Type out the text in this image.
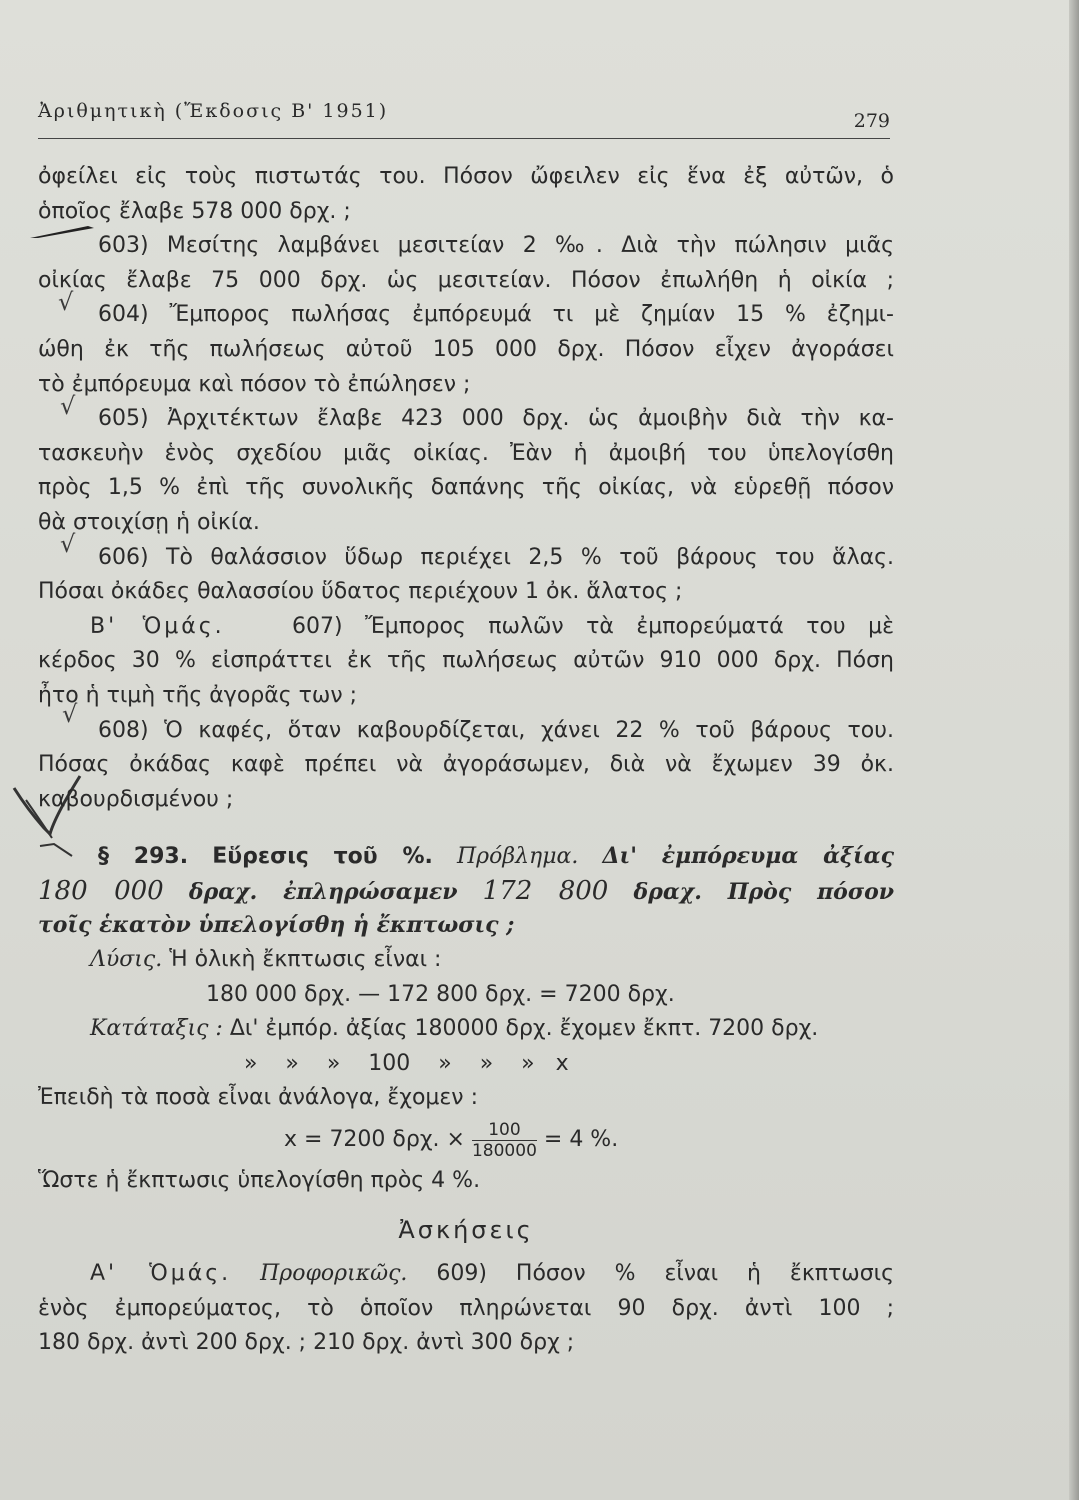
Ἀριθμητικὴ (Ἔκδοσις Β' 1951)	279
√
√
√
√
ὀφείλει εἰς τοὺς πιστωτάς του. Πόσον ὤφειλεν εἰς ἕνα ἐξ αὐτῶν, ὁ
ὁποῖος ἔλαβε 578 000 δρχ. ;
603) Μεσίτης λαμβάνει μεσιτείαν 2 ‰. Διὰ τὴν πώλησιν μιᾶς
οἰκίας ἔλαβε 75 000 δρχ. ὡς μεσιτείαν. Πόσον ἐπωλήθη ἡ οἰκία ;
604) Ἔμπορος πωλήσας ἐμπόρευμά τι μὲ ζημίαν 15 % ἐζημι-
ώθη ἐκ τῆς πωλήσεως αὐτοῦ 105 000 δρχ. Πόσον εἶχεν ἀγοράσει
τὸ ἐμπόρευμα καὶ πόσον τὸ ἐπώλησεν ;
605) Ἀρχιτέκτων ἔλαβε 423 000 δρχ. ὡς ἀμοιβὴν διὰ τὴν κα-
τασκευὴν ἑνὸς σχεδίου μιᾶς οἰκίας. Ἐὰν ἡ ἀμοιβή του ὑπελογίσθη
πρὸς 1,5 % ἐπὶ τῆς συνολικῆς δαπάνης τῆς οἰκίας, νὰ εὑρεθῇ πόσον
θὰ στοιχίσῃ ἡ οἰκία.
606) Τὸ θαλάσσιον ὕδωρ περιέχει 2,5 % τοῦ βάρους του ἅλας.
Πόσαι ὀκάδες θαλασσίου ὕδατος περιέχουν 1 ὀκ. ἅλατος ;
Β' Ὁμάς.	607) Ἔμπορος πωλῶν τὰ ἐμπορεύματά του μὲ
κέρδος 30 % εἰσπράττει ἐκ τῆς πωλήσεως αὐτῶν 910 000 δρχ. Πόση
ἦτο ἡ τιμὴ τῆς ἀγορᾶς των ;
608) Ὁ καφές, ὅταν καβουρδίζεται, χάνει 22 % τοῦ βάρους του.
Πόσας ὀκάδας καφὲ πρέπει νὰ ἀγοράσωμεν, διὰ νὰ ἔχωμεν 39 ὀκ.
καβουρδισμένου ;
§ 293. Εὕρεσις τοῦ %. Πρόβλημα. Δι' ἐμπόρευμα ἀξίας
180 000 δραχ. ἐπληρώσαμεν 172 800 δραχ. Πρὸς πόσον
τοῖς ἑκατὸν ὑπελογίσθη ἡ ἔκπτωσις ;
Λύσις. Ἡ ὁλικὴ ἔκπτωσις εἶναι :
180 000 δρχ. — 172 800 δρχ. = 7200 δρχ.
Κατάταξις : Δι' ἐμπόρ. ἀξίας 180000 δρχ. ἔχομεν ἔκπτ. 7200 δρχ.
»    »    »    100    »    »    »   x
Ἐπειδὴ τὰ ποσὰ εἶναι ἀνάλογα, ἔχομεν :
x = 7200 δρχ. × $\frac{100}{180000} = 4$ %.
Ὥστε ἡ ἔκπτωσις ὑπελογίσθη πρὸς 4 %.
Ἀσκήσεις
Α' Ὁμάς. Προφορικῶς. 609) Πόσον % εἶναι ἡ ἔκπτωσις
ἑνὸς ἐμπορεύματος, τὸ ὁποῖον πληρώνεται 90 δρχ. ἀντὶ 100 ;
180 δρχ. ἀντὶ 200 δρχ. ; 210 δρχ. ἀντὶ 300 δρχ ;
